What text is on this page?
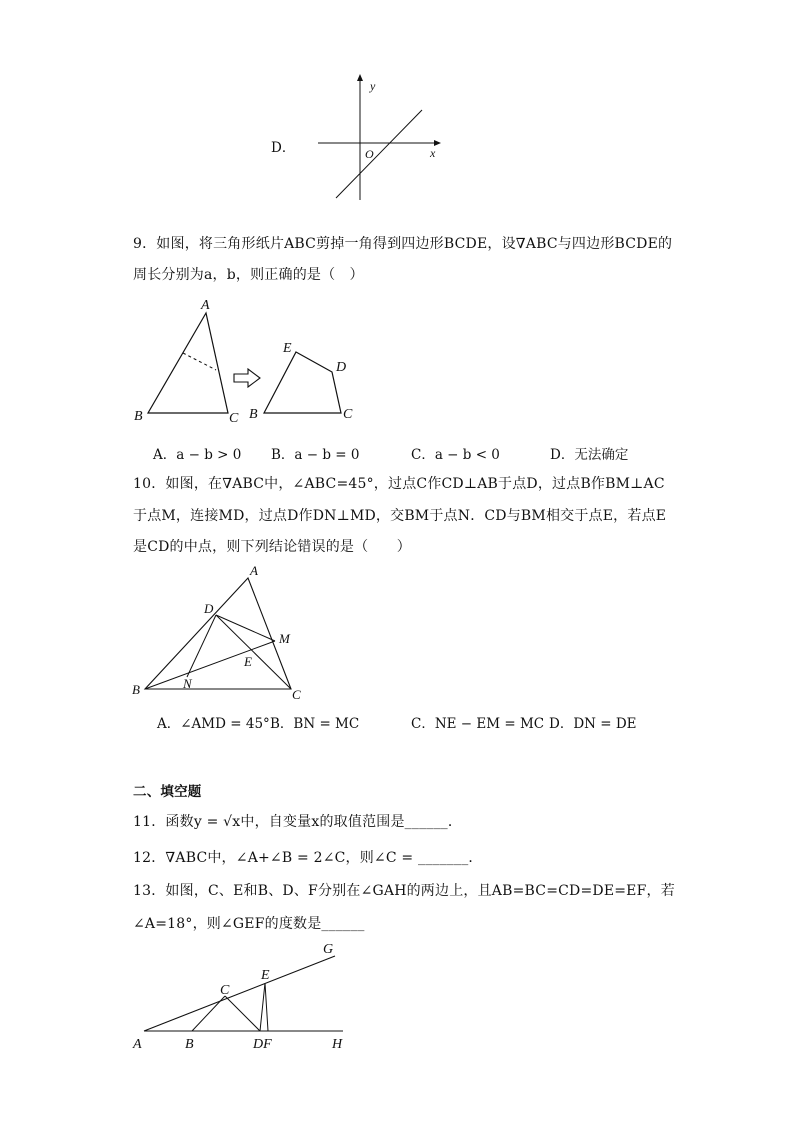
D．
y
x
O
9．如图，将三角形纸片ABC剪掉一角得到四边形BCDE，设∇ABC与四边形BCDE的
周长分别为a，b，则正确的是（　）
A
B	C
E
D
B	C
A．a − b > 0 B．a − b = 0	C．a − b < 0	D．无法确定
10．如图，在∇ABC中，∠ABC=45°，过点C作CD⊥AB于点D，过点B作BM⊥AC
于点M，连接MD，过点D作DN⊥MD，交BM于点N．CD与BM相交于点E，若点E
是CD的中点，则下列结论错误的是（　　）
A
D
M
E
N
B	C
A．∠AMD = 45° B．BN = MC	C．NE − EM = MC D．DN = DE
二、填空题
11．函数y = √x中，自变量x的取值范围是______．
12．∇ABC中，∠A+∠B = 2∠C，则∠C = _______．
13．如图，C、E和B、D、F分别在∠GAH的两边上，且AB=BC=CD=DE=EF，若
∠A=18°，则∠GEF的度数是______
G
E
C
A	B	DF	H
